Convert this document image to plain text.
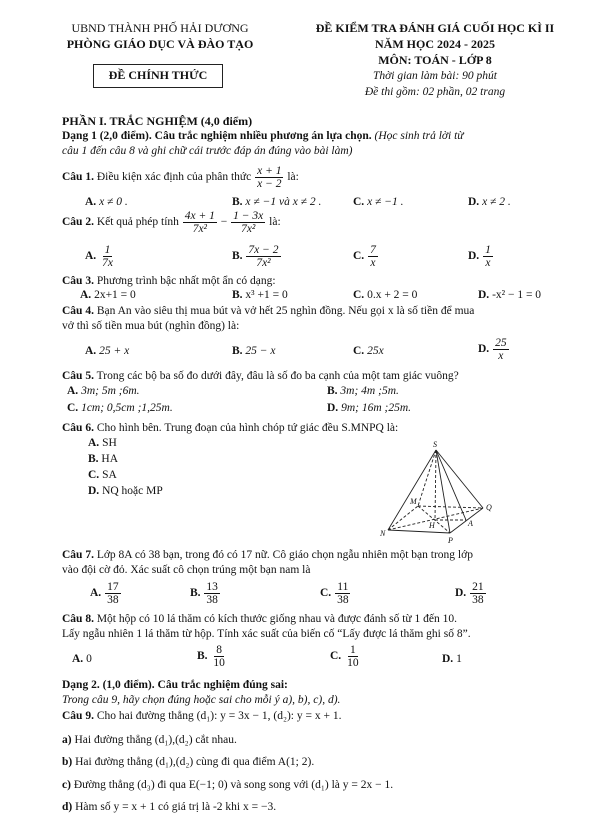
UBND THÀNH PHỐ HẢI DƯƠNG
PHÒNG GIÁO DỤC VÀ ĐÀO TẠO
ĐỀ CHÍNH THỨC
ĐỀ KIỂM TRA ĐÁNH GIÁ CUỐI HỌC KÌ II
NĂM HỌC 2024 - 2025
MÔN: TOÁN - LỚP 8
Thời gian làm bài: 90 phút
Đề thi gồm: 02 phần, 02 trang
PHẦN I. TRẮC NGHIỆM (4,0 điểm)
Dạng 1 (2,0 điểm). Câu trắc nghiệm nhiều phương án lựa chọn. (Học sinh trả lời từ
câu 1 đến câu 8 và ghi chữ cái trước đáp án đúng vào bài làm)
Câu 1. Điều kiện xác định của phân thức $\frac{x + 1}{x - 2}$ là:
A. x ≠ 0 .	B. x ≠ −1 và x ≠ 2 .	C. x ≠ −1 .	D. x ≠ 2 .
Câu 2. Kết quả phép tính $\frac{4x + 1}{\text{7x²}} - \frac{1 - 3x}{\text{7x²}}$ là:
A. $\frac{1}{7x}$	B. $\frac{7x - 2}{\text{7x²}}$	C. $\frac{7}{x}$	D. $\frac{1}{x}$
Câu 3. Phương trình bậc nhất một ẩn có dạng:
A. 2x+1 = 0	B. x³ +1 = 0	C. 0.x + 2 = 0	D. -x² − 1 = 0
Câu 4. Bạn An vào siêu thị mua bút và vở hết 25 nghìn đồng. Nếu gọi x là số tiền để mua
vở thì số tiền mua bút (nghìn đồng) là:
A. 25 + x	B. 25 − x	C. 25x	D. $\frac{25}{x}$
Câu 5. Trong các bộ ba số đo dưới đây, đâu là số đo ba cạnh của một tam giác vuông?
A. 3m; 5m ;6m.	B. 3m; 4m ;5m.
C. 1cm; 0,5cm ;1,25m.	D. 9m; 16m ;25m.
Câu 6. Cho hình bên. Trung đoạn của hình chóp tứ giác đều S.MNPQ là:
A. SH
B. HA
C. SA
D. NQ hoặc MP
S
M
N
P
Q
H	A
Câu 7. Lớp 8A có 38 bạn, trong đó có 17 nữ. Cô giáo chọn ngẫu nhiên một bạn trong lớp
vào đội cờ đỏ. Xác suất cô chọn trúng một bạn nam là
A. $\frac{17}{38}$	B. $\frac{13}{38}$	C. $\frac{11}{38}$	D. $\frac{21}{38}$
Câu 8. Một hộp có 10 lá thăm có kích thước giống nhau và được đánh số từ 1 đến 10.
Lấy ngẫu nhiên 1 lá thăm từ hộp. Tính xác suất của biến cố “Lấy được lá thăm ghi số 8”.
A. 0	B. $\frac{8}{10}$	C. $\frac{1}{10}$	D. 1
Dạng 2. (1,0 điểm). Câu trắc nghiệm đúng sai:
Trong câu 9, hãy chọn đúng hoặc sai cho mỗi ý a), b), c), d).
Câu 9. Cho hai đường thẳng (d₁): y = 3x − 1, (d₂): y = x + 1.
a) Hai đường thẳng (d₁),(d₂) cắt nhau.
b) Hai đường thẳng (d₁),(d₂) cùng đi qua điểm A(1; 2).
c) Đường thẳng (d₃) đi qua E(−1; 0) và song song với (d₁) là y = 2x − 1.
d) Hàm số y = x + 1 có giá trị là -2 khi x = −3.
